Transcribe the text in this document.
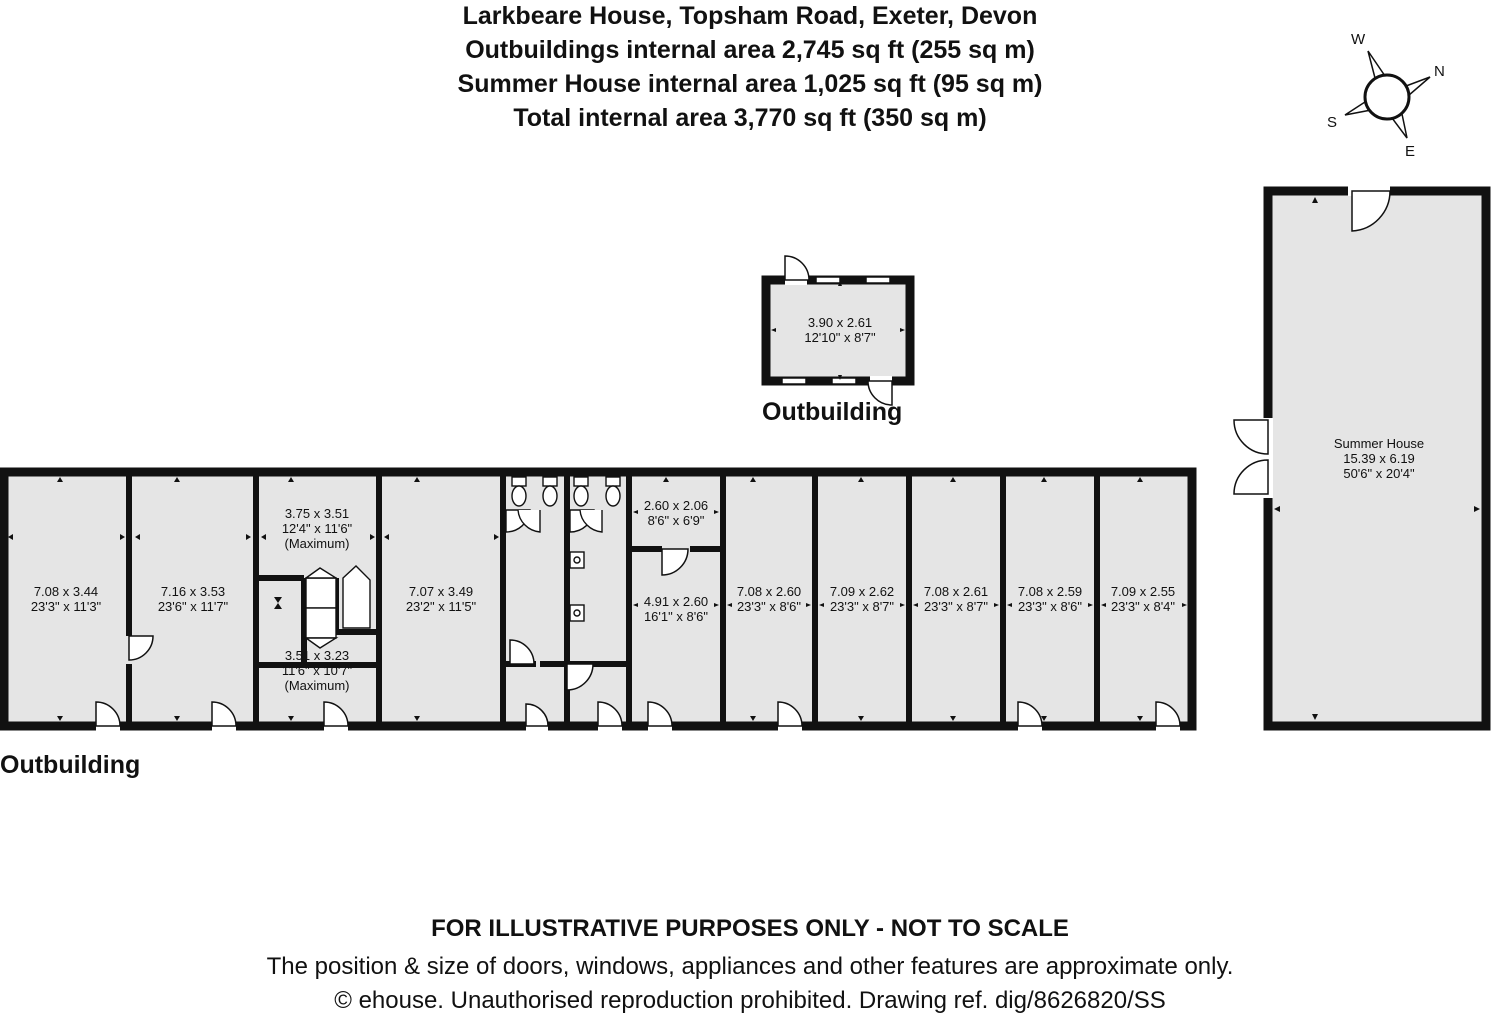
Larkbeare House, Topsham Road, Exeter, Devon
Outbuildings internal area 2,745 sq ft (255 sq m)
Summer House internal area 1,025 sq ft (95 sq m)
Total internal area 3,770 sq ft (350 sq m)
W
N
S
E
3.90 x 2.61
12'10" x 8'7"
Outbuilding
7.08 x 3.44
23'3" x 11'3"
7.16 x 3.53
23'6" x 11'7"
3.75 x 3.51
12'4" x 11'6"
(Maximum)
3.51 x 3.23
11'6" x 10'7"
(Maximum)
7.07 x 3.49
23'2" x 11'5"
2.60 x 2.06
8'6" x 6'9"
4.91 x 2.60
16'1" x 8'6"
7.08 x 2.60
23'3" x 8'6"
7.09 x 2.62
23'3" x 8'7"
7.08 x 2.61
23'3" x 8'7"
7.08 x 2.59
23'3" x 8'6"
7.09 x 2.55
23'3" x 8'4"
Outbuilding
Summer House
15.39 x 6.19
50'6" x 20'4"
FOR ILLUSTRATIVE PURPOSES ONLY - NOT TO SCALE
The position & size of doors, windows, appliances and other features are approximate only.
© ehouse. Unauthorised reproduction prohibited. Drawing ref. dig/8626820/SS
